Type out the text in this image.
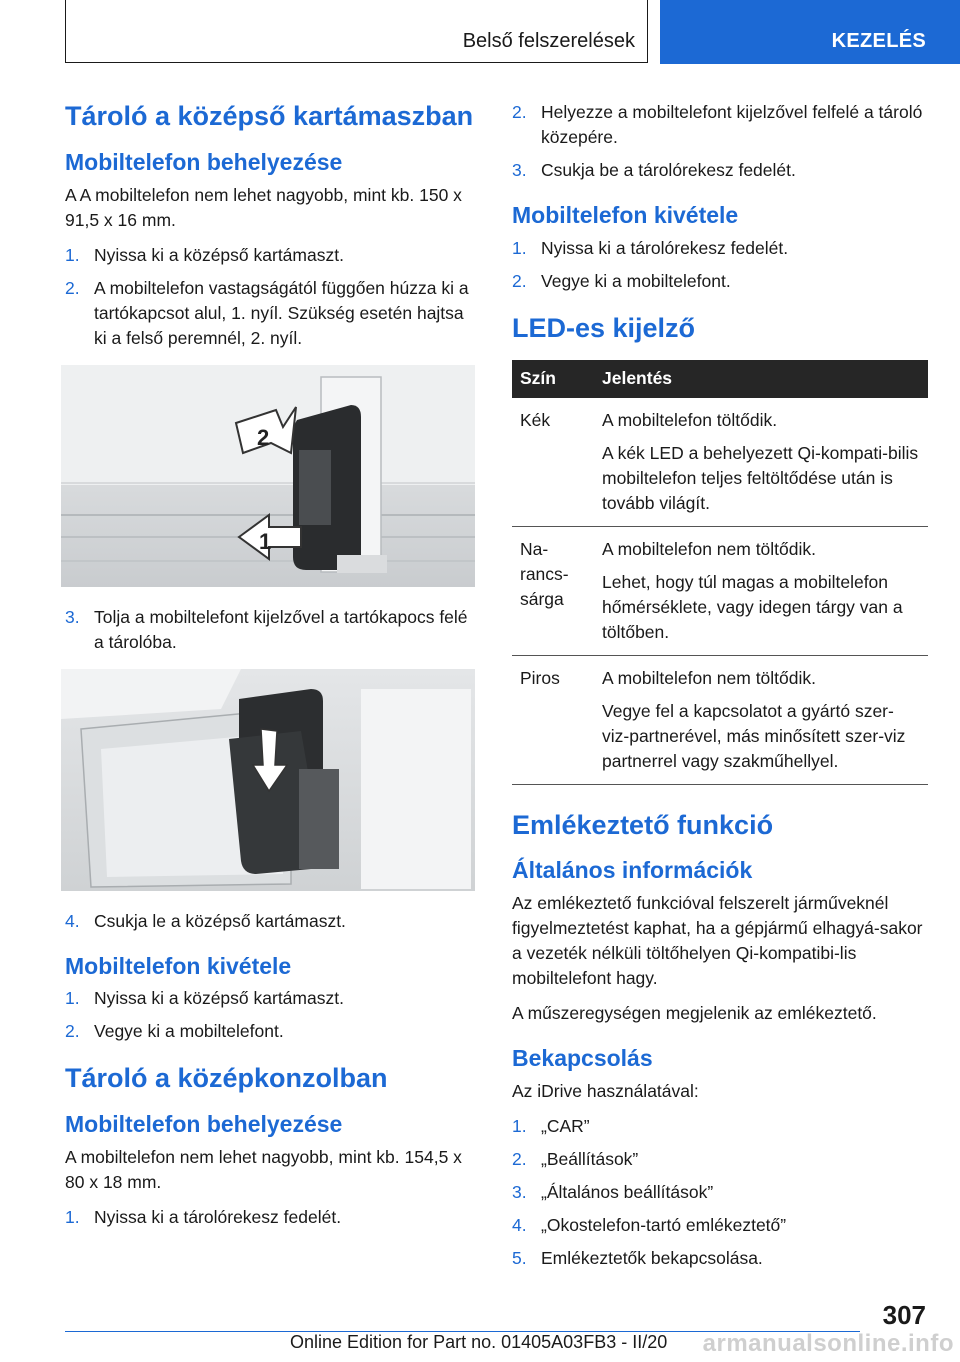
Belső felszerelések	KEZELÉS
Tároló a középső kartámaszban
Mobiltelefon behelyezése

A A mobiltelefon nem lehet nagyobb, mint kb. 150 x 91,5 x 16 mm.

1. Nyissa ki a középső kartámaszt.
2. A mobiltelefon vastagságától függően húzza ki a tartókapcsot alul, 1. nyíl. Szükség esetén hajtsa ki a felső peremnél, 2. nyíl.
2
1
3. Tolja a mobiltelefont kijelzővel a tartókapocs felé a tárolóba.
4. Csukja le a középső kartámaszt.
Mobiltelefon kivétele
1. Nyissa ki a középső kartámaszt.
2. Vegye ki a mobiltelefont.
Tároló a középkonzolban
Mobiltelefon behelyezése

A mobiltelefon nem lehet nagyobb, mint kb. 154,5 x 80 x 18 mm.

1. Nyissa ki a tárolórekesz fedelét.
2. Helyezze a mobiltelefont kijelzővel felfelé a tároló közepére.
3. Csukja be a tárolórekesz fedelét.
Mobiltelefon kivétele
1. Nyissa ki a tárolórekesz fedelét.
2. Vegye ki a mobiltelefont.
LED-es kijelző
Szín	Jelentés
Kék	A mobiltelefon töltődik.

A kék LED a behelyezett Qi-kompati-bilis mobiltelefon teljes feltöltődése után is tovább világít.

Na-rancs-sárga	A mobiltelefon nem töltődik.

Lehet, hogy túl magas a mobiltelefon hőmérséklete, vagy idegen tárgy van a töltőben.

Piros	A mobiltelefon nem töltődik.

Vegye fel a kapcsolatot a gyártó szer-viz-partnerével, más minősített szer-viz partnerrel vagy szakműhellyel.

Emlékeztető funkció
Általános információk

Az emlékeztető funkcióval felszerelt járműveknél figyelmeztetést kaphat, ha a gépjármű elhagyá-sakor a vezeték nélküli töltőhelyen Qi-kompatibi-lis mobiltelefont hagy.

A műszeregységen megjelenik az emlékeztető.

Bekapcsolás

Az iDrive használatával:

1. „CAR”
2. „Beállítások”
3. „Általános beállítások”
4. „Okostelefon-tartó emlékeztető”
5. Emlékeztetők bekapcsolása.
307
Online Edition for Part no. 01405A03FB3 - II/20 armanualsonline.info
